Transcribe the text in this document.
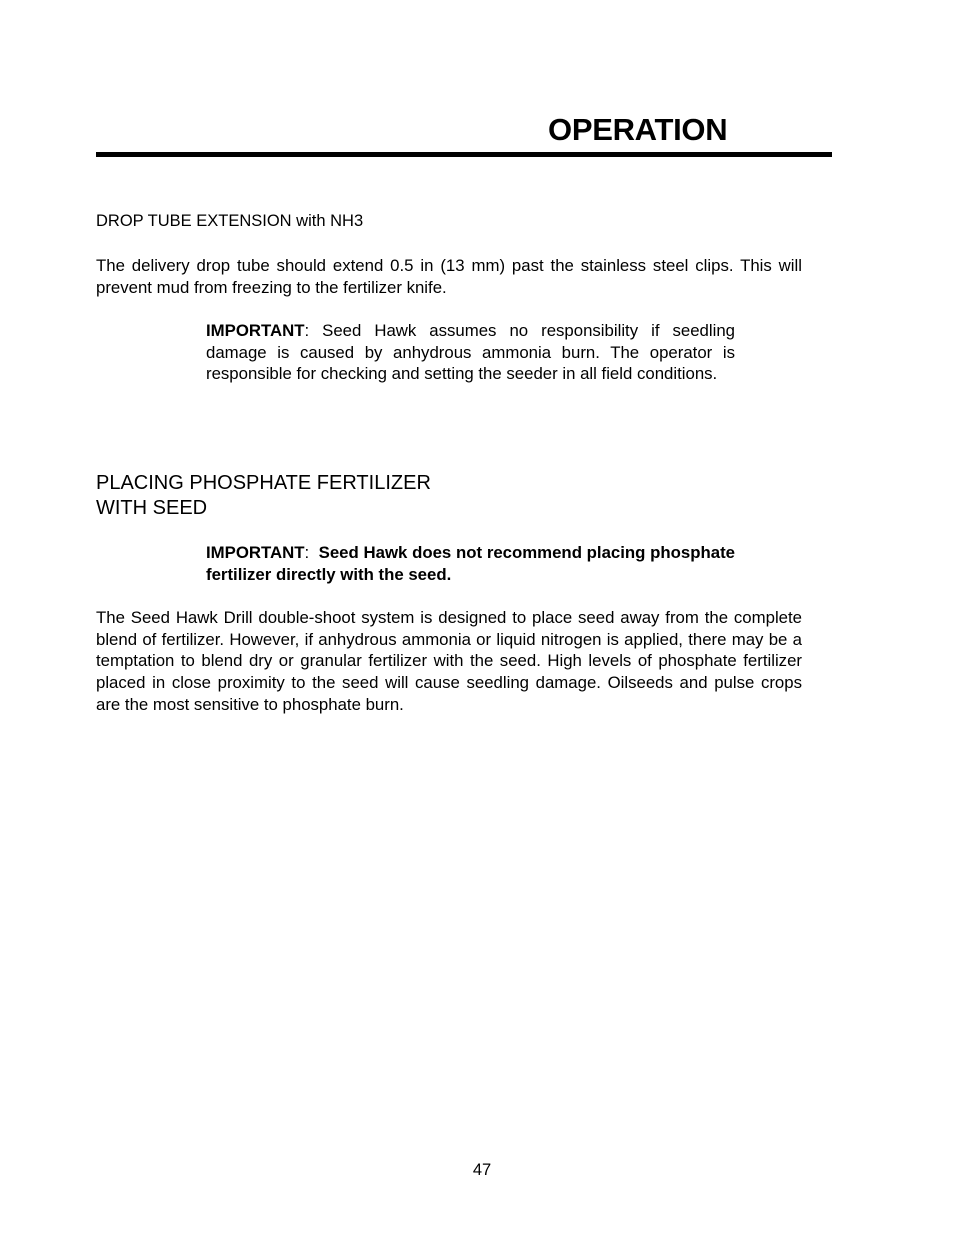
OPERATION
DROP TUBE EXTENSION with NH3

The delivery drop tube should extend 0.5 in (13 mm) past the stainless steel clips. This will prevent mud from freezing to the fertilizer knife.

IMPORTANT: Seed Hawk assumes no responsibility if seedling damage is caused by anhydrous ammonia burn. The operator is responsible for checking and setting the seeder in all field conditions.

PLACING PHOSPHATE FERTILIZER
WITH SEED

IMPORTANT: Seed Hawk does not recommend placing phosphate fertilizer directly with the seed.

The Seed Hawk Drill double-shoot system is designed to place seed away from the complete blend of fertilizer. However, if anhydrous ammonia or liquid nitrogen is applied, there may be a temptation to blend dry or granular fertilizer with the seed. High levels of phosphate fertilizer placed in close proximity to the seed will cause seedling damage. Oilseeds and pulse crops are the most sensitive to phosphate burn.

47
